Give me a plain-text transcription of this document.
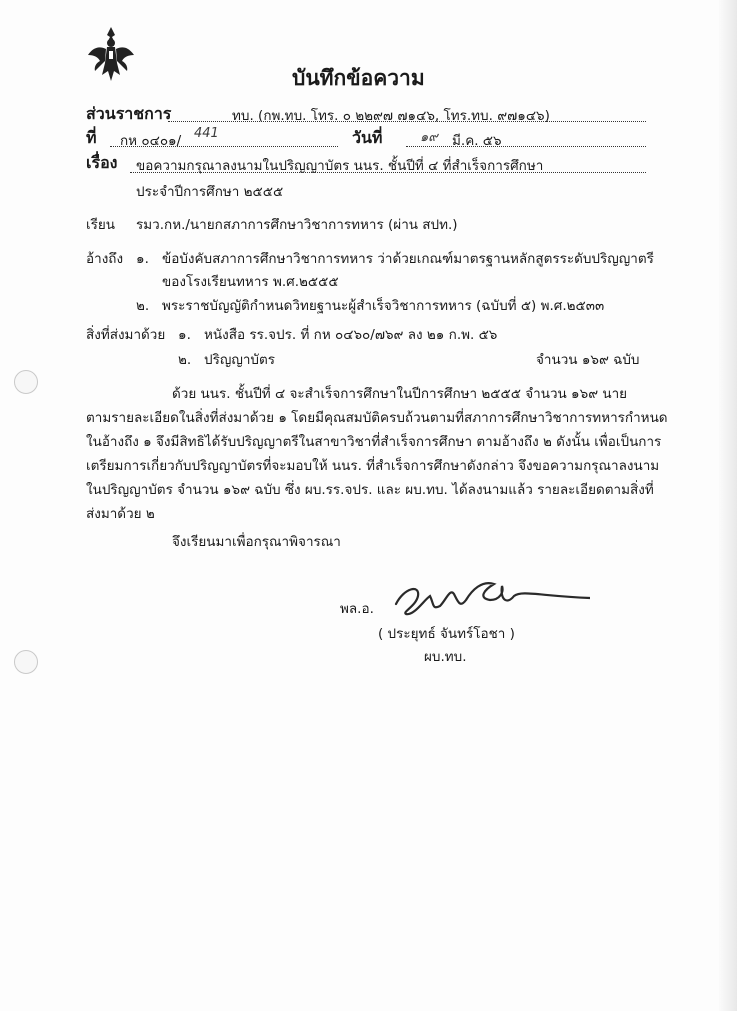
บันทึกข้อความ
ส่วนราชการ	ทบ. (กพ.ทบ. โทร. ๐ ๒๒๙๗ ๗๑๔๖, โทร.ทบ. ๙๗๑๔๖)
ที่ กห ๐๔๐๑/ 441	วันที่	๑๙ มี.ค. ๕๖
เรื่อง ขอความกรุณาลงนามในปริญญาบัตร นนร. ชั้นปีที่ ๔ ที่สำเร็จการศึกษา
ประจำปีการศึกษา ๒๕๕๕
เรียน รมว.กห./นายกสภาการศึกษาวิชาการทหาร (ผ่าน สปท.)
อ้างถึง ๑. ข้อบังคับสภาการศึกษาวิชาการทหาร ว่าด้วยเกณฑ์มาตรฐานหลักสูตรระดับปริญญาตรี
ของโรงเรียนทหาร พ.ศ.๒๕๕๕
๒. พระราชบัญญัติกำหนดวิทยฐานะผู้สำเร็จวิชาการทหาร (ฉบับที่ ๕) พ.ศ.๒๕๓๓
สิ่งที่ส่งมาด้วย ๑. หนังสือ รร.จปร. ที่ กห ๐๔๖๐/๗๖๙ ลง ๒๑ ก.พ. ๕๖
๒. ปริญญาบัตร	จำนวน ๑๖๙ ฉบับ
ด้วย นนร. ชั้นปีที่ ๔ จะสำเร็จการศึกษาในปีการศึกษา ๒๕๕๕ จำนวน ๑๖๙ นาย
ตามรายละเอียดในสิ่งที่ส่งมาด้วย ๑ โดยมีคุณสมบัติครบถ้วนตามที่สภาการศึกษาวิชาการทหารกำหนด
ในอ้างถึง ๑ จึงมีสิทธิได้รับปริญญาตรีในสาขาวิชาที่สำเร็จการศึกษา ตามอ้างถึง ๒ ดังนั้น เพื่อเป็นการ
เตรียมการเกี่ยวกับปริญญาบัตรที่จะมอบให้ นนร. ที่สำเร็จการศึกษาดังกล่าว จึงขอความกรุณาลงนาม
ในปริญญาบัตร จำนวน ๑๖๙ ฉบับ ซึ่ง ผบ.รร.จปร. และ ผบ.ทบ. ได้ลงนามแล้ว รายละเอียดตามสิ่งที่
ส่งมาด้วย ๒
จึงเรียนมาเพื่อกรุณาพิจารณา
พล.อ.
( ประยุทธ์ จันทร์โอชา )
ผบ.ทบ.
